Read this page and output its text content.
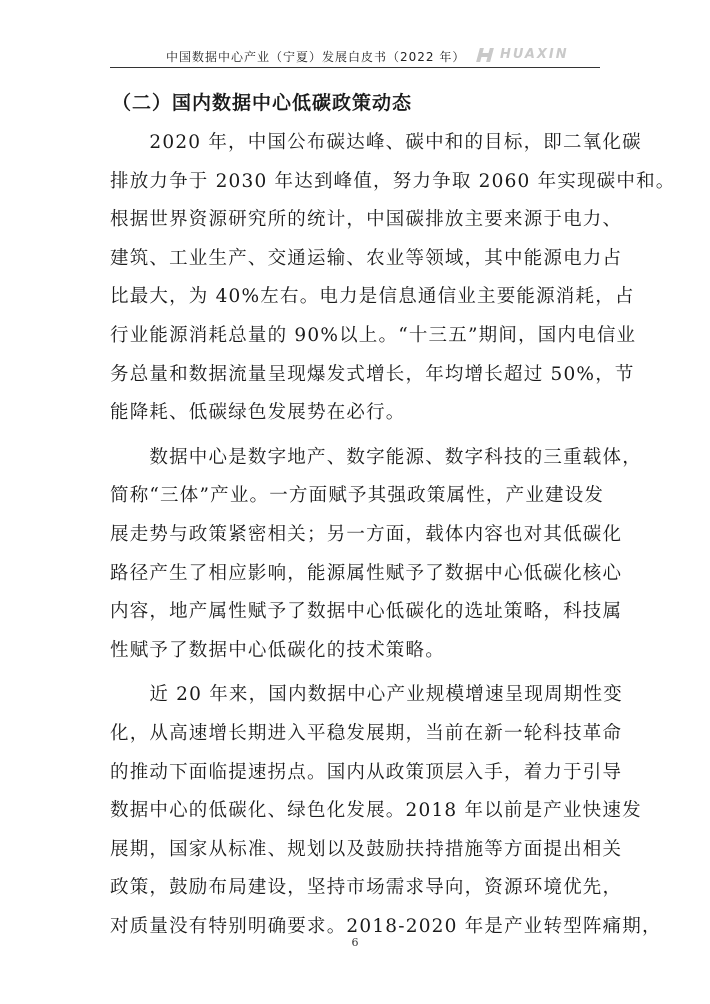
中国数据中心产业（宁夏）发展白皮书（2022 年）	HUAXIN
（二）国内数据中心低碳政策动态
　　2020 年，中国公布碳达峰、碳中和的目标，即二氧化碳
排放力争于 2030 年达到峰值，努力争取 2060 年实现碳中和。
根据世界资源研究所的统计，中国碳排放主要来源于电力、
建筑、工业生产、交通运输、农业等领域，其中能源电力占
比最大，为 40%左右。电力是信息通信业主要能源消耗，占
行业能源消耗总量的 90%以上。“十三五”期间，国内电信业
务总量和数据流量呈现爆发式增长，年均增长超过 50%，节
能降耗、低碳绿色发展势在必行。
　　数据中心是数字地产、数字能源、数字科技的三重载体，
简称“三体”产业。一方面赋予其强政策属性，产业建设发
展走势与政策紧密相关；另一方面，载体内容也对其低碳化
路径产生了相应影响，能源属性赋予了数据中心低碳化核心
内容，地产属性赋予了数据中心低碳化的选址策略，科技属
性赋予了数据中心低碳化的技术策略。
　　近 20 年来，国内数据中心产业规模增速呈现周期性变
化，从高速增长期进入平稳发展期，当前在新一轮科技革命
的推动下面临提速拐点。国内从政策顶层入手，着力于引导
数据中心的低碳化、绿色化发展。2018 年以前是产业快速发
展期，国家从标准、规划以及鼓励扶持措施等方面提出相关
政策，鼓励布局建设，坚持市场需求导向，资源环境优先，
对质量没有特别明确要求。2018-2020 年是产业转型阵痛期，
6
